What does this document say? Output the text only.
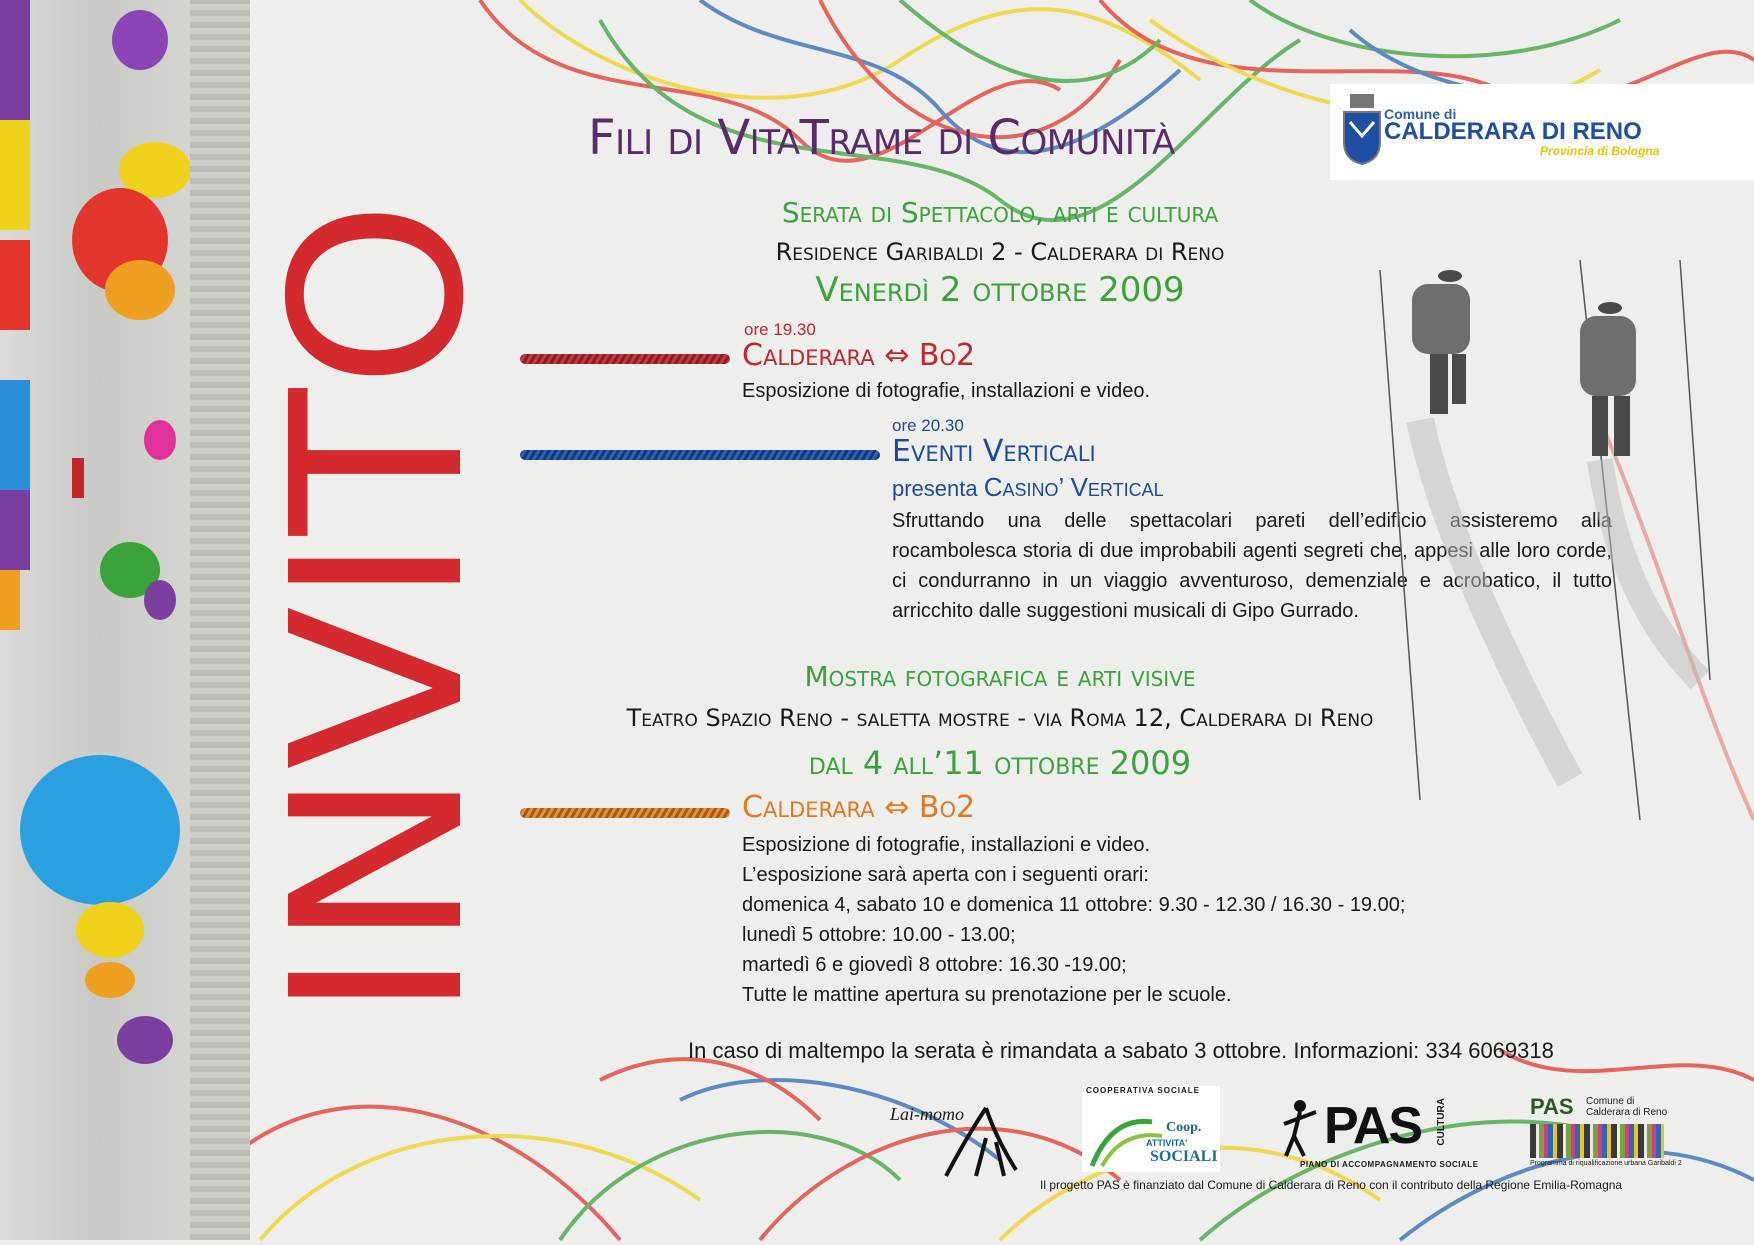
Fili di VitaTrame di Comunità	Comune di
CALDERARA DI RENO
Provincia di Bologna
INVITO
Serata di Spettacolo, arti e cultura
Residence Garibaldi 2 - Calderara di Reno
Venerdì 2 ottobre 2009
ore 19.30
Calderara ⇔ Bo2
Esposizione di fotografie, installazioni e video.
ore 20.30
Eventi Verticali
presenta Casino’ Vertical
Sfruttando una delle spettacolari pareti dell’edificio assisteremo alla rocambolesca storia di due improbabili agenti segreti che, appesi alle loro corde, ci condurranno in un viaggio avventuroso, demenziale e acrobatico, il tutto arricchito dalle suggestioni musicali di Gipo Gurrado.
Mostra fotografica e arti visive
Teatro Spazio Reno - saletta mostre - via Roma 12, Calderara di Reno
dal 4 all’11 ottobre 2009
Calderara ⇔ Bo2
Esposizione di fotografie, installazioni e video.
L’esposizione sarà aperta con i seguenti orari:
domenica 4, sabato 10 e domenica 11 ottobre: 9.30 - 12.30 / 16.30 - 19.00;
lunedì 5 ottobre: 10.00 - 13.00;
martedì 6 e giovedì 8 ottobre: 16.30 -19.00;
Tutte le mattine apertura su prenotazione per le scuole.
In caso di maltempo la serata è rimandata a sabato 3 ottobre. Informazioni: 334 6069318
Lai-momo
COOPERATIVA SOCIALE
Coop.
ATTIVITA'
SOCIALI
PAS CULTURA
PIANO DI ACCOMPAGNAMENTO SOCIALE
PAS Comune di
Calderara di Reno
Programma di riqualificazione urbana Garibaldi 2
Il progetto PAS è finanziato dal Comune di Calderara di Reno con il contributo della Regione Emilia-Romagna
